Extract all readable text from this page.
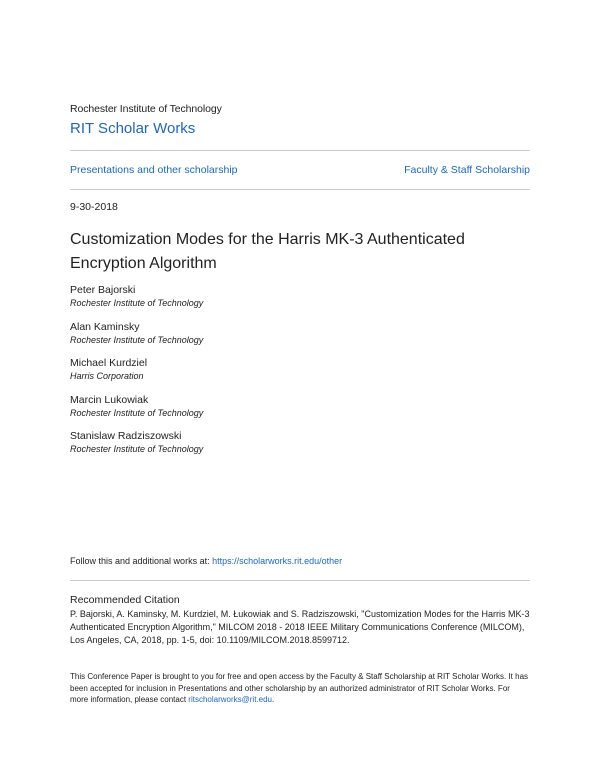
Rochester Institute of Technology
RIT Scholar Works
Presentations and other scholarship	Faculty & Staff Scholarship
9-30-2018
Customization Modes for the Harris MK-3 Authenticated Encryption Algorithm
Peter Bajorski
Rochester Institute of Technology
Alan Kaminsky
Rochester Institute of Technology
Michael Kurdziel
Harris Corporation
Marcin Lukowiak
Rochester Institute of Technology
Stanislaw Radziszowski
Rochester Institute of Technology
Follow this and additional works at: https://scholarworks.rit.edu/other
Recommended Citation

P. Bajorski, A. Kaminsky, M. Kurdziel, M. Łukowiak and S. Radziszowski, "Customization Modes for the Harris MK-3 Authenticated Encryption Algorithm," MILCOM 2018 - 2018 IEEE Military Communications Conference (MILCOM), Los Angeles, CA, 2018, pp. 1-5, doi: 10.1109/MILCOM.2018.8599712.

This Conference Paper is brought to you for free and open access by the Faculty & Staff Scholarship at RIT Scholar Works. It has been accepted for inclusion in Presentations and other scholarship by an authorized administrator of RIT Scholar Works. For more information, please contact ritscholarworks@rit.edu.
